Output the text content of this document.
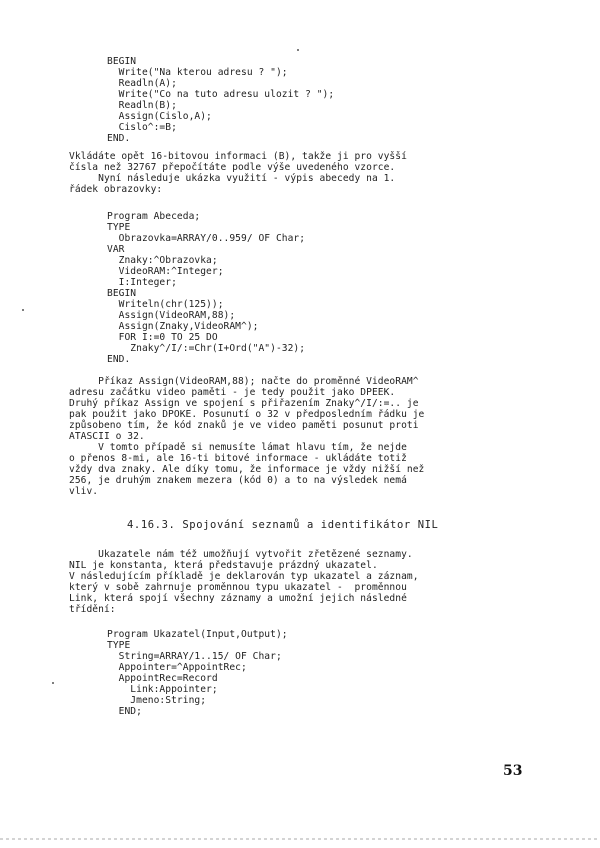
BEGIN
Write("Na kterou adresu ? ");
Readln(A);
Write("Co na tuto adresu ulozit ? ");
Readln(B);
Assign(Cislo,A);
Cislo^:=B;
END.
Vkládáte opět 16-bitovou informaci (B), takže ji pro vyšší
čísla než 32767 přepočítáte podle výše uvedeného vzorce.
Nyní následuje ukázka využití - výpis abecedy na 1.
řádek obrazovky:
Program Abeceda;
TYPE
Obrazovka=ARRAY/0..959/ OF Char;
VAR
Znaky:^Obrazovka;
VideoRAM:^Integer;
I:Integer;
BEGIN
Writeln(chr(125));
Assign(VideoRAM,88);
Assign(Znaky,VideoRAM^);
FOR I:=0 TO 25 DO
Znaky^/I/:=Chr(I+Ord("A")-32);
END.
Příkaz Assign(VideoRAM,88); načte do proměnné VideoRAM^
adresu začátku video paměti - je tedy použit jako DPEEK.
Druhý příkaz Assign ve spojení s přiřazením Znaky^/I/:=.. je
pak použit jako DPOKE. Posunutí o 32 v předposledním řádku je
způsobeno tím, že kód znaků je ve video paměti posunut proti
ATASCII o 32.
V tomto případě si nemusíte lámat hlavu tím, že nejde
o přenos 8-mi, ale 16-ti bitové informace - ukládáte totiž
vždy dva znaky. Ale díky tomu, že informace je vždy nižší než
256, je druhým znakem mezera (kód 0) a to na výsledek nemá
vliv.
4.16.3. Spojování seznamů a identifikátor NIL
Ukazatele nám též umožňují vytvořit zřetězené seznamy.
NIL je konstanta, která představuje prázdný ukazatel.
V následujícím příkladě je deklarován typ ukazatel a záznam,
který v sobě zahrnuje proměnnou typu ukazatel -  proměnnou
Link, která spojí všechny záznamy a umožní jejich následné
třídění:
Program Ukazatel(Input,Output);
TYPE
String=ARRAY/1..15/ OF Char;
Appointer=^AppointRec;
AppointRec=Record
Link:Appointer;
Jmeno:String;
END;
53
